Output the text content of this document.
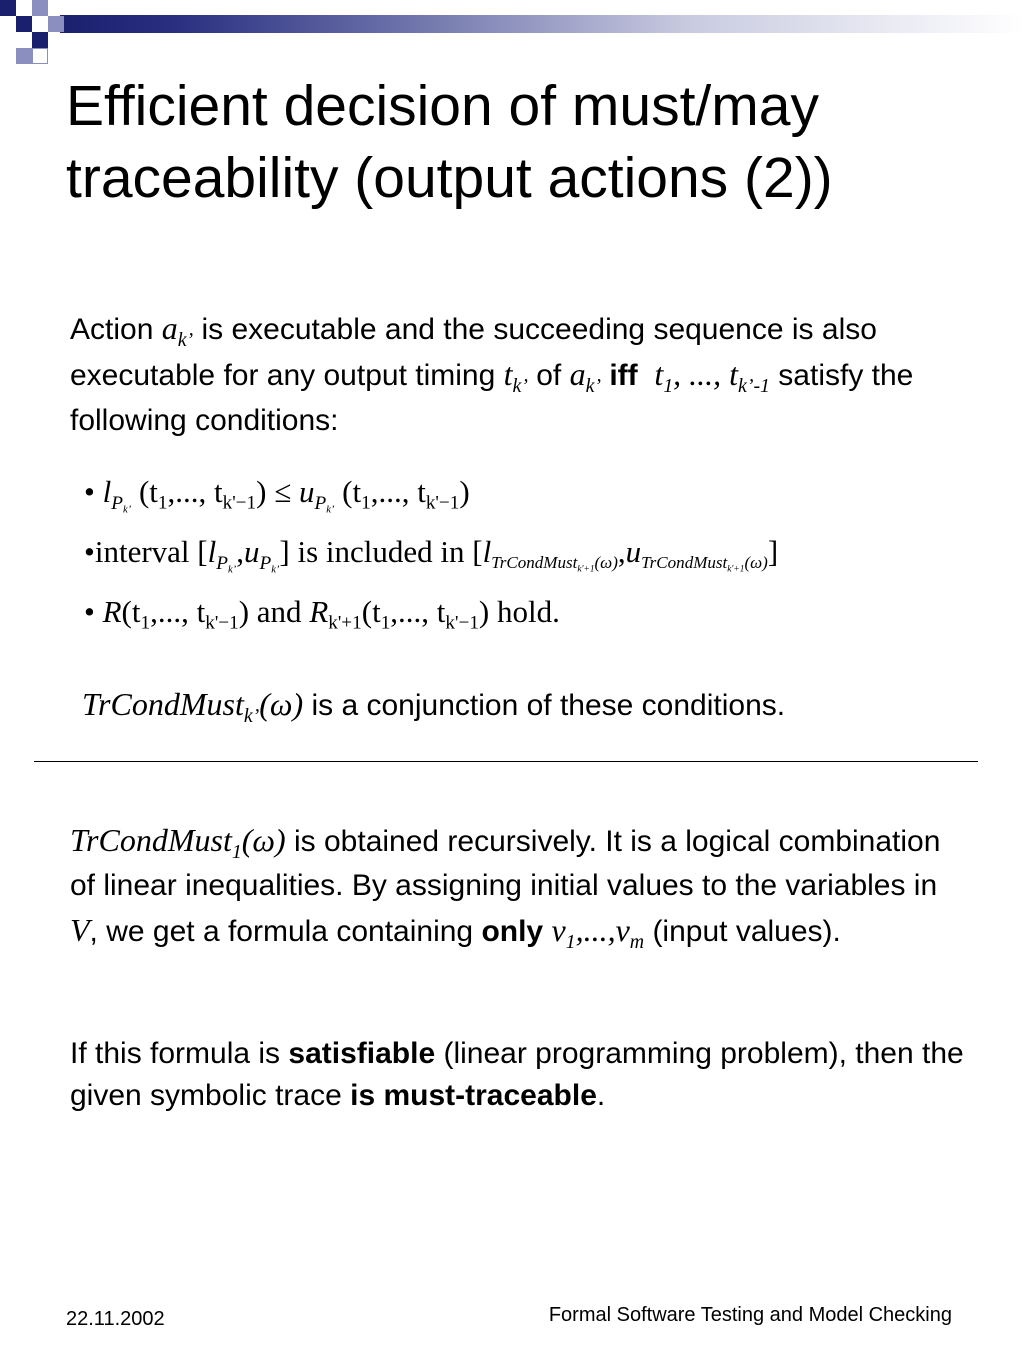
Efficient decision of must/may
traceability (output actions (2))
Action $a_{k’}$ is executable and the succeeding sequence is also executable for any output timing $t_{k’}$ of $a_{k’}$ iff $t_1$, ..., $t_{k’-1}$ satisfy the following conditions:
• $l_{Pk’}$ ($t_1$,..., $t_{k'-1}) \le u_{Pk’}$ ($t_1$,..., $t_{k'-1}$)
•interval $[l_{Pk’},u_{Pk’}]$ is included in $[l_{TrCondMustk'+1(\omega)},u_{TrCondMustk'+1(\omega)}]$
• $R(t_1$,..., $t_{k'-1}$) and $R_{k'+1}(t_1$,..., $t_{k'-1}$) hold.
TrCondMust$_{k’}$(ω) is a conjunction of these conditions.
TrCondMust$_1$(ω) is obtained recursively. It is a logical combination of linear inequalities. By assigning initial values to the variables in V, we get a formula containing only $v_1,...,v_m$ (input values).
If this formula is satisfiable (linear programming problem), then the given symbolic trace is must-traceable.
22.11.2002	Formal Software Testing and Model Checking
